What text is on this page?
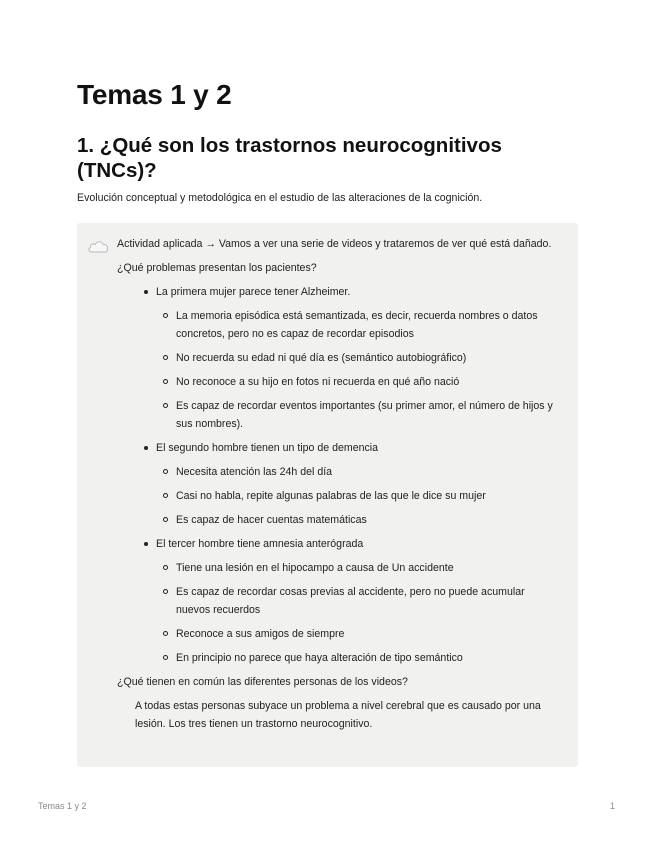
Temas 1 y 2
1. ¿Qué son los trastornos neurocognitivos (TNCs)?

Evolución conceptual y metodológica en el estudio de las alteraciones de la cognición.

Actividad aplicada → Vamos a ver una serie de videos y trataremos de ver qué está dañado.

¿Qué problemas presentan los pacientes?

La primera mujer parece tener Alzheimer.
La memoria episódica está semantizada, es decir, recuerda nombres o datos concretos, pero no es capaz de recordar episodios
No recuerda su edad ni qué día es (semántico autobiográfico)
No reconoce a su hijo en fotos ni recuerda en qué año nació
Es capaz de recordar eventos importantes (su primer amor, el número de hijos y sus nombres).
El segundo hombre tienen un tipo de demencia
Necesita atención las 24h del día
Casi no habla, repite algunas palabras de las que le dice su mujer
Es capaz de hacer cuentas matemáticas
El tercer hombre tiene amnesia anterógrada
Tiene una lesión en el hipocampo a causa de Un accidente
Es capaz de recordar cosas previas al accidente, pero no puede acumular nuevos recuerdos
Reconoce a sus amigos de siempre
En principio no parece que haya alteración de tipo semántico

¿Qué tienen en común las diferentes personas de los videos?

A todas estas personas subyace un problema a nivel cerebral que es causado por una lesión. Los tres tienen un trastorno neurocognitivo.

Temas 1 y 2	1
